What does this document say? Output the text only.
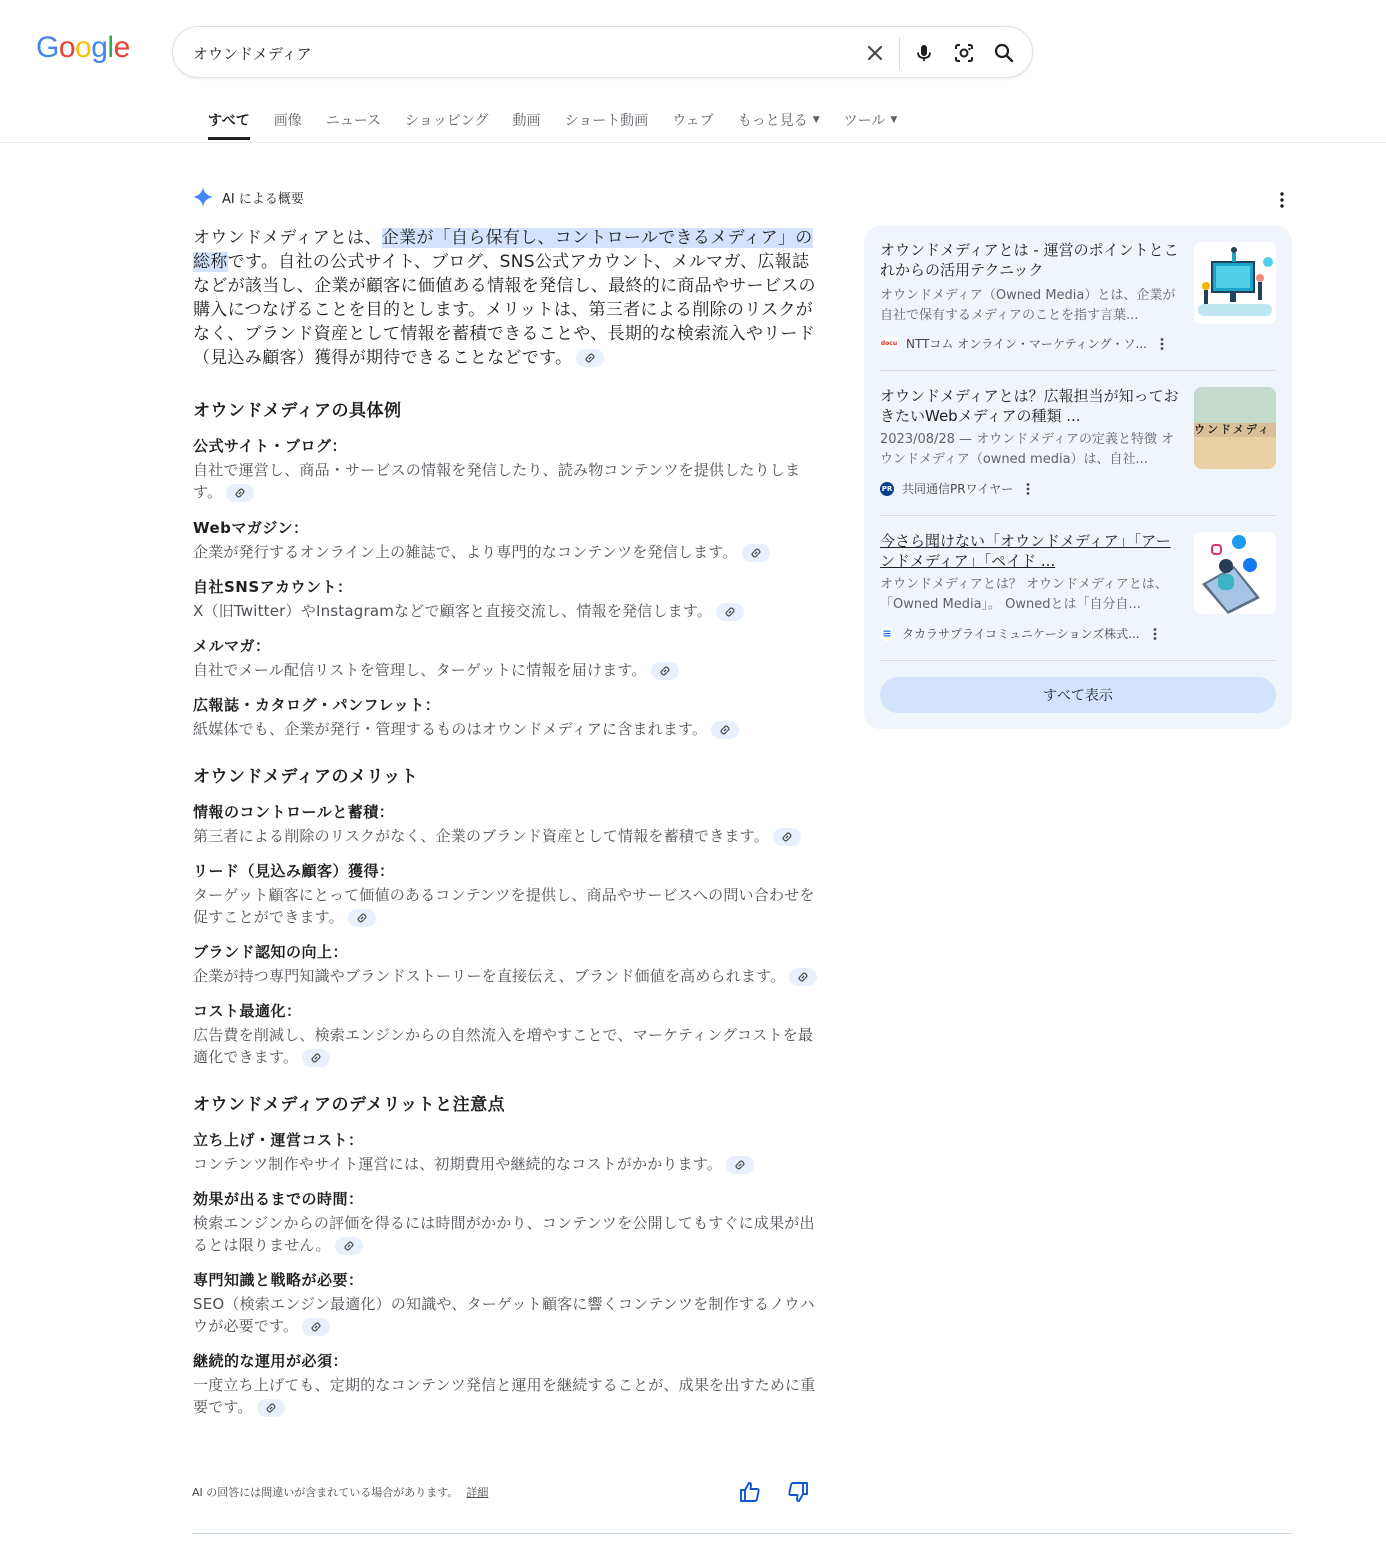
Google
オウンドメディア
すべて 画像 ニュース ショッピング 動画 ショート動画 ウェブ もっと見る ▼ ツール ▼
AI による概要

オウンドメディアとは、企業が「自ら保有し、コントロールできるメディア」の総称です。自社の公式サイト、ブログ、SNS公式アカウント、メルマガ、広報誌などが該当し、企業が顧客に価値ある情報を発信し、最終的に商品やサービスの購入につなげることを目的とします。メリットは、第三者による削除のリスクがなく、ブランド資産として情報を蓄積できることや、長期的な検索流入やリード（見込み顧客）獲得が期待できることなどです。

オウンドメディアの具体例
公式サイト・ブログ：
自社で運営し、商品・サービスの情報を発信したり、読み物コンテンツを提供したりします。
Webマガジン：
企業が発行するオンライン上の雑誌で、より専門的なコンテンツを発信します。
自社SNSアカウント：
X（旧Twitter）やInstagramなどで顧客と直接交流し、情報を発信します。
メルマガ：
自社でメール配信リストを管理し、ターゲットに情報を届けます。
広報誌・カタログ・パンフレット：
紙媒体でも、企業が発行・管理するものはオウンドメディアに含まれます。
オウンドメディアのメリット
情報のコントロールと蓄積：
第三者による削除のリスクがなく、企業のブランド資産として情報を蓄積できます。
リード（見込み顧客）獲得：
ターゲット顧客にとって価値のあるコンテンツを提供し、商品やサービスへの問い合わせを促すことができます。
ブランド認知の向上：
企業が持つ専門知識やブランドストーリーを直接伝え、ブランド価値を高められます。
コスト最適化：
広告費を削減し、検索エンジンからの自然流入を増やすことで、マーケティングコストを最適化できます。
オウンドメディアのデメリットと注意点
立ち上げ・運営コスト：
コンテンツ制作やサイト運営には、初期費用や継続的なコストがかかります。
効果が出るまでの時間：
検索エンジンからの評価を得るには時間がかかり、コンテンツを公開してもすぐに成果が出るとは限りません。
専門知識と戦略が必要：
SEO（検索エンジン最適化）の知識や、ターゲット顧客に響くコンテンツを制作するノウハウが必要です。
継続的な運用が必須：
一度立ち上げても、定期的なコンテンツ発信と運用を継続することが、成果を出すために重要です。
AI の回答には間違いが含まれている場合があります。 詳細
オウンドメディアとは - 運営のポイントとこれからの活用テクニック
オウンドメディア（Owned Media）とは、企業が自社で保有するメディアのことを指す言葉...
docu NTTコム オンライン・マーケティング・ソ...
オウンドメディアとは？広報担当が知っておきたいWebメディアの種類 ...
2023/08/28 — オウンドメディアの定義と特徴 オウンドメディア（owned media）は、自社...
PR 共同通信PRワイヤー
ウンドメディ
今さら聞けない「オウンドメディア」「アーンドメディア」「ペイド ...
オウンドメディアとは？ オウンドメディアとは、「Owned Media」。 Ownedとは「自分自...
≡ タカラサプライコミュニケーションズ株式...
すべて表示
